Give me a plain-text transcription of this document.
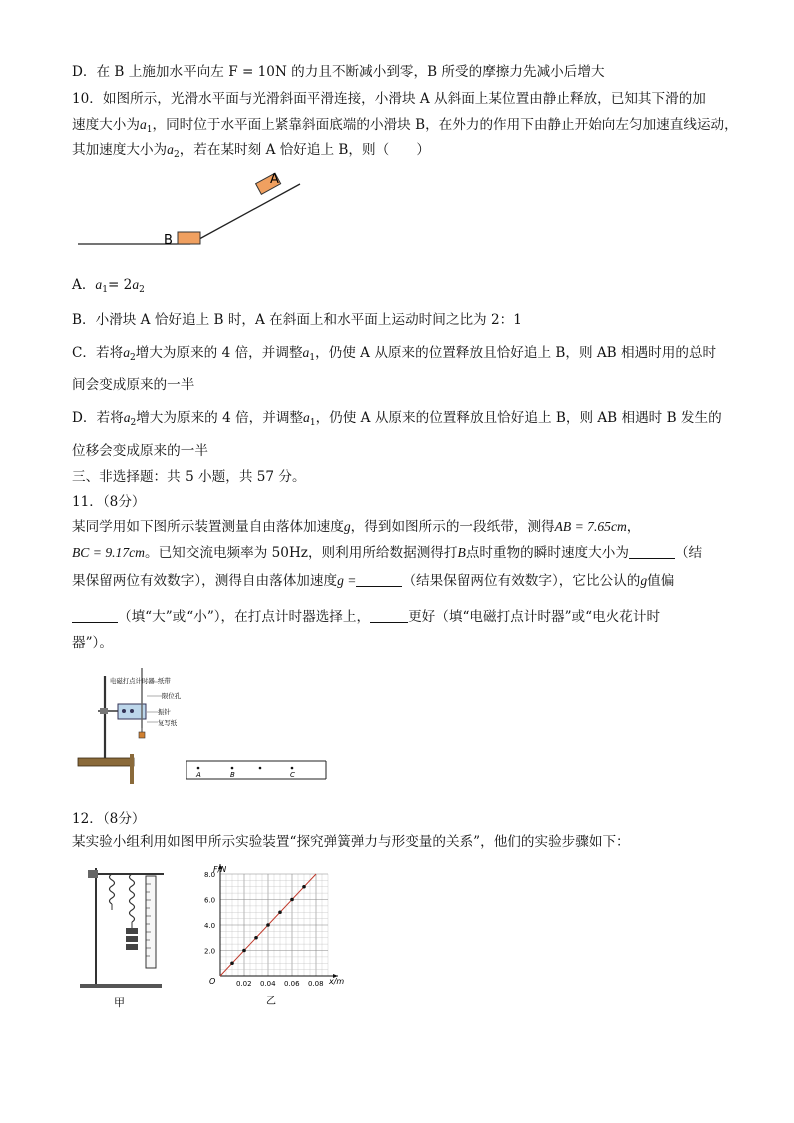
D．在 B 上施加水平向左 F = 10N 的力且不断减小到零，B 所受的摩擦力先减小后增大
10．如图所示，光滑水平面与光滑斜面平滑连接，小滑块 A 从斜面上某位置由静止释放，已知其下滑的加
速度大小为$a_1$，同时位于水平面上紧靠斜面底端的小滑块 B，在外力的作用下由静止开始向左匀加速直线运动，
其加速度大小为$a_2$，若在某时刻 A 恰好追上 B，则（　　）
A
B
A．$a_1= 2a_2$
B．小滑块 A 恰好追上 B 时，A 在斜面上和水平面上运动时间之比为 2：1
C．若将$a_2$增大为原来的 4 倍，并调整$a_1$，仍使 A 从原来的位置释放且恰好追上 B，则 AB 相遇时用的总时
间会变成原来的一半
D．若将$a_2$增大为原来的 4 倍，并调整$a_1$，仍使 A 从原来的位置释放且恰好追上 B，则 AB 相遇时 B 发生的
位移会变成原来的一半
三、非选择题：共 5 小题，共 57 分。
11．（8分）
某同学用如下图所示装置测量自由落体加速度g，得到如图所示的一段纸带，测得AB = 7.65cm，
BC = 9.17cm。已知交流电频率为 50Hz，则利用所给数据测得打B点时重物的瞬时速度大小为	（结
果保留两位有效数字），测得自由落体加速度g =	（结果保留两位有效数字），它比公认的g值偏
（填“大”或“小”），在打点计时器选择上，	更好（填“电磁打点计时器”或“电火花计时
器”）。
电磁打点计时器 纸带
限位孔
振针
复写纸
A	B	C
12．（8分）
某实验小组利用如图甲所示实验装置“探究弹簧弹力与形变量的关系”，他们的实验步骤如下：
甲
0.02 0.04 0.06 0.08
2.0
4.0
6.0
8.0
O
F/N
x/m
乙
